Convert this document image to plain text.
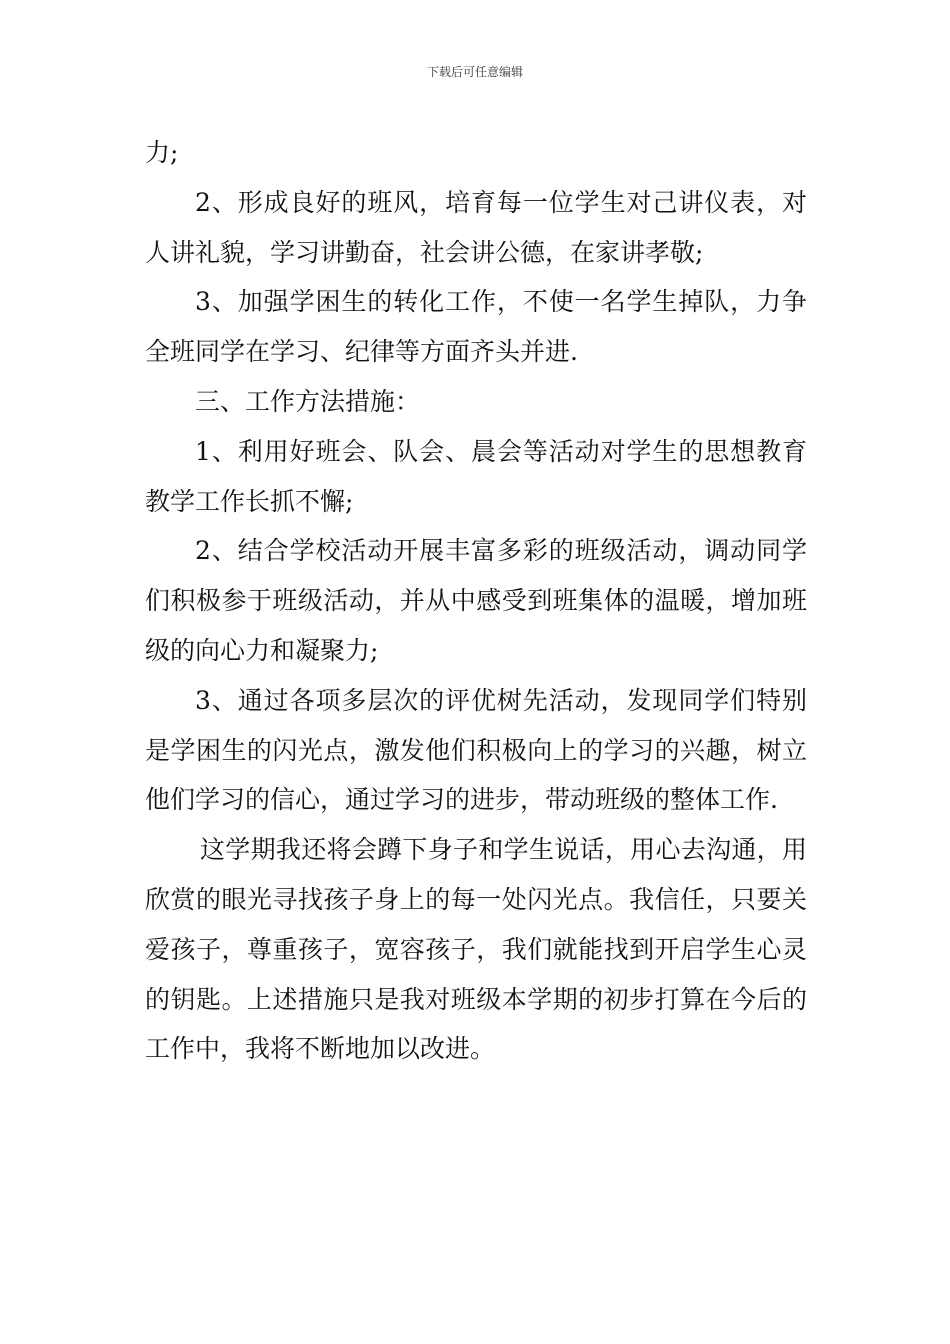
下载后可任意编辑

力;

2、形成良好的班风，培育每一位学生对己讲仪表，对人讲礼貌，学习讲勤奋，社会讲公德，在家讲孝敬;

3、加强学困生的转化工作，不使一名学生掉队，力争全班同学在学习、纪律等方面齐头并进.

三、工作方法措施：

1、利用好班会、队会、晨会等活动对学生的思想教育教学工作长抓不懈;

2、结合学校活动开展丰富多彩的班级活动，调动同学们积极参于班级活动，并从中感受到班集体的温暖，增加班级的向心力和凝聚力;

3、通过各项多层次的评优树先活动，发现同学们特别是学困生的闪光点，激发他们积极向上的学习的兴趣，树立他们学习的信心，通过学习的进步，带动班级的整体工作.

这学期我还将会蹲下身子和学生说话，用心去沟通，用欣赏的眼光寻找孩子身上的每一处闪光点。我信任，只要关爱孩子，尊重孩子，宽容孩子，我们就能找到开启学生心灵的钥匙。上述措施只是我对班级本学期的初步打算在今后的工作中，我将不断地加以改进。
